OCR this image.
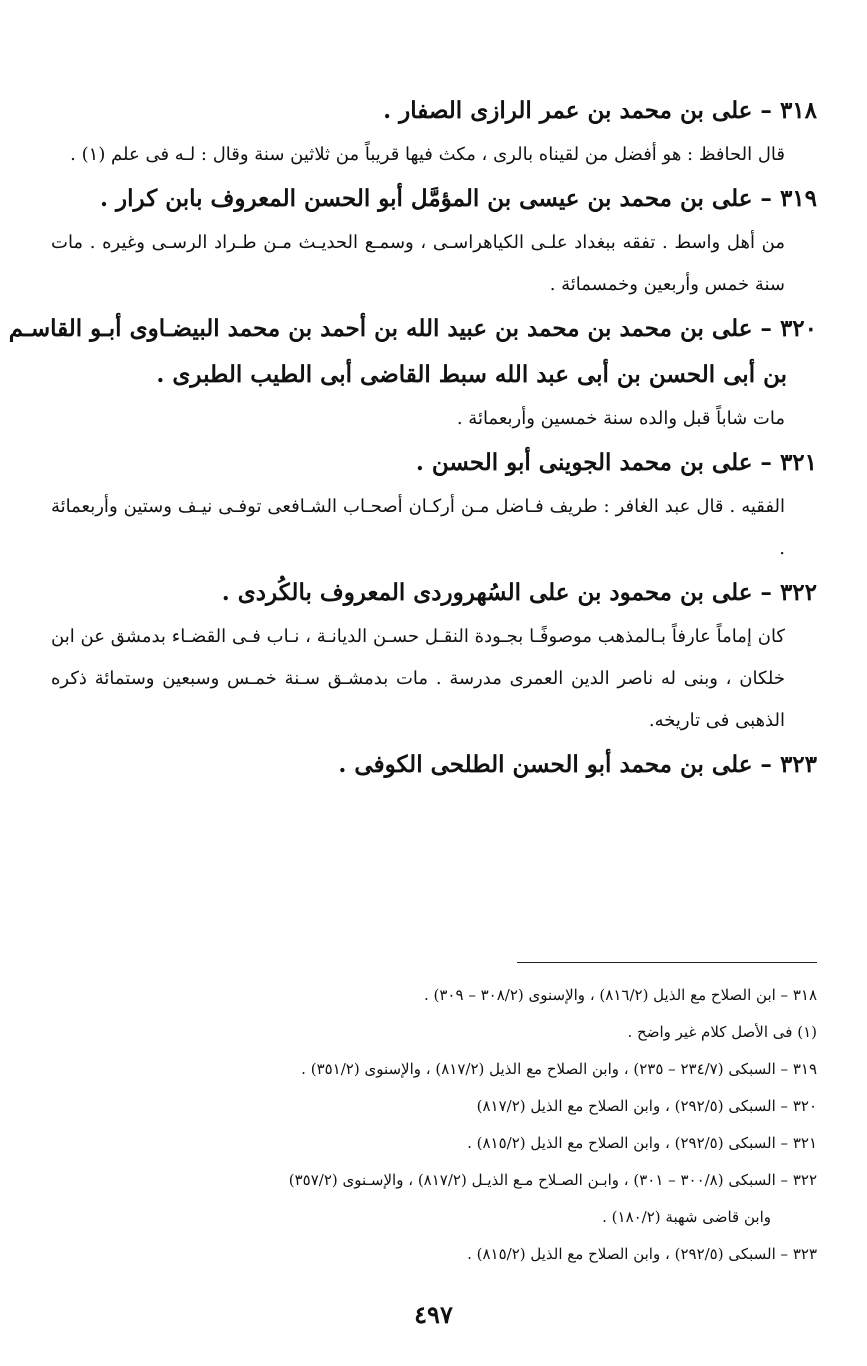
٣١٨ – على بن محمد بن عمر الرازى الصفار .

قال الحافظ : هو أفضل من لقيناه بالرى ، مكث فيها قريباً من ثلاثين سنة وقال : لـه فى علم (١) .

٣١٩ – على بن محمد بن عيسى بن المؤمَّل أبو الحسن المعروف بابن كرار .

من أهل واسط . تفقه ببغداد علـى الكياهراسـى ، وسمـع الحديـث مـن طـراد الرسـى وغيره . مات سنة خمس وأربعين وخمسمائة .

٣٢٠ – على بن محمد بن محمد بن عبيد الله بن أحمد بن محمد البيضـاوى أبـو القاسـم
بن أبى الحسن بن أبى عبد الله سبط القاضى أبى الطيب الطبرى .

مات شاباً قبل والده سنة خمسين وأربعمائة .

٣٢١ – على بن محمد الجوينى أبو الحسن .

الفقيه . قال عبد الغافر : طريف فـاضل مـن أركـان أصحـاب الشـافعى توفـى نيـف وستين وأربعمائة .

٣٢٢ – على بن محمود بن على السُهروردى المعروف بالكُردى .

كان إماماً عارفاً بـالمذهب موصوفًـا بجـودة النقـل حسـن الديانـة ، نـاب فـى القضـاء بدمشق عن ابن خلكان ، وبنى له ناصر الدين العمرى مدرسة . مات بدمشـق سـنة خمـس وسبعين وستمائة ذكره الذهبى فى تاريخه.

٣٢٣ – على بن محمد أبو الحسن الطلحى الكوفى .

٣١٨ – ابن الصلاح مع الذيل (٨١٦/٢) ، والإسنوى (٣٠٨/٢ – ٣٠٩) .

(١) فى الأصل كلام غير واضح .

٣١٩ – السبكى (٢٣٤/٧ – ٢٣٥) ، وابن الصلاح مع الذيل (٨١٧/٢) ، والإسنوى (٣٥١/٢) .

٣٢٠ – السبكى (٢٩٢/٥) ، وابن الصلاح مع الذيل (٨١٧/٢)

٣٢١ – السبكى (٢٩٢/٥) ، وابن الصلاح مع الذيل (٨١٥/٢) .

٣٢٢ – السبكى (٣٠٠/٨ – ٣٠١) ، وابـن الصـلاح مـع الذيـل (٨١٧/٢) ، والإسـنوى (٣٥٧/٢)

وابن قاضى شهبة (١٨٠/٢) .

٣٢٣ – السبكى (٢٩٢/٥) ، وابن الصلاح مع الذيل (٨١٥/٢) .

٤٩٧
